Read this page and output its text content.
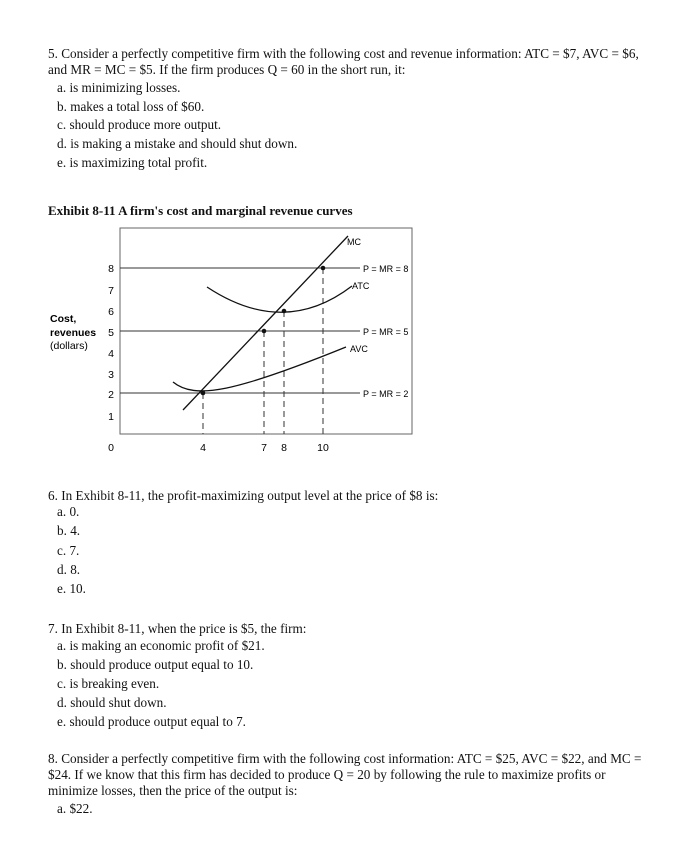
5. Consider a perfectly competitive firm with the following cost and revenue information: ATC = $7, AVC = $6, and MR = MC = $5. If the firm produces Q = 60 in the short run, it:
a. is minimizing losses.
b. makes a total loss of $60.
c. should produce more output.
d. is making a mistake and should shut down.
e. is maximizing total profit.
Exhibit 8-11 A firm's cost and marginal revenue curves
Cost,
revenues
(dollars)
1
2
3
4
5
6
7
8
0	4	7 8	10
MC
ATC
AVC
P = MR = 8
P = MR = 5
P = MR = 2
6. In Exhibit 8-11, the profit-maximizing output level at the price of $8 is:
a. 0.
b. 4.
c. 7.
d. 8.
e. 10.
7. In Exhibit 8-11, when the price is $5, the firm:
a. is making an economic profit of $21.
b. should produce output equal to 10.
c. is breaking even.
d. should shut down.
e. should produce output equal to 7.
8. Consider a perfectly competitive firm with the following cost information: ATC = $25, AVC = $22, and MC = $24. If we know that this firm has decided to produce Q = 20 by following the rule to maximize profits or minimize losses, then the price of the output is:
a. $22.
